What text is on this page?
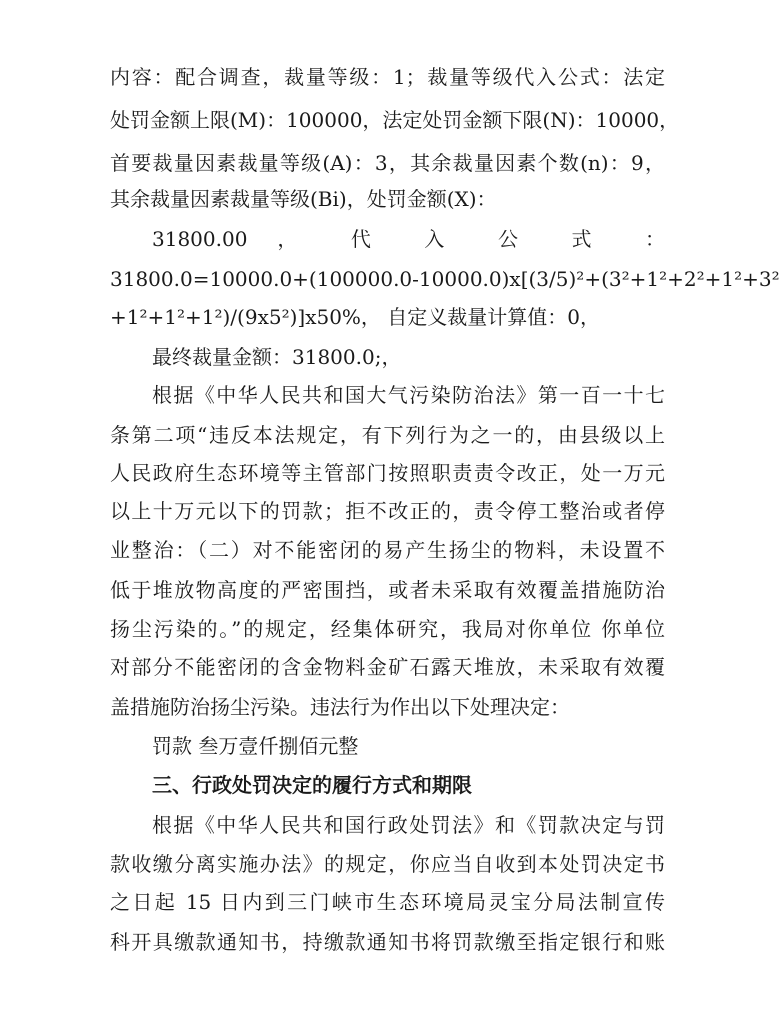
内容：配合调查，裁量等级：1；裁量等级代入公式：法定
处罚金额上限(M)：100000，法定处罚金额下限(N)：10000，
首要裁量因素裁量等级(A)：3，其余裁量因素个数(n)：9，
其余裁量因素裁量等级(Bi)，处罚金额(X)：
31800.00 ， 代 入 公 式 ：
31800.0=10000.0+(100000.0-10000.0)x[(3/5)²+(3²+1²+2²+1²+3²
+1²+1²+1²)/(9x5²)]x50%， 自定义裁量计算值：0，
最终裁量金额：31800.0;，
根据《中华人民共和国大气污染防治法》第一百一十七
条第二项“违反本法规定，有下列行为之一的，由县级以上
人民政府生态环境等主管部门按照职责责令改正，处一万元
以上十万元以下的罚款；拒不改正的，责令停工整治或者停
业整治：（二）对不能密闭的易产生扬尘的物料，未设置不
低于堆放物高度的严密围挡，或者未采取有效覆盖措施防治
扬尘污染的。”的规定，经集体研究，我局对你单位 你单位
对部分不能密闭的含金物料金矿石露天堆放，未采取有效覆
盖措施防治扬尘污染。违法行为作出以下处理决定：
罚款 叁万壹仟捌佰元整
三、行政处罚决定的履行方式和期限
根据《中华人民共和国行政处罚法》和《罚款决定与罚
款收缴分离实施办法》的规定，你应当自收到本处罚决定书
之日起 15 日内到三门峡市生态环境局灵宝分局法制宣传
科开具缴款通知书，持缴款通知书将罚款缴至指定银行和账
